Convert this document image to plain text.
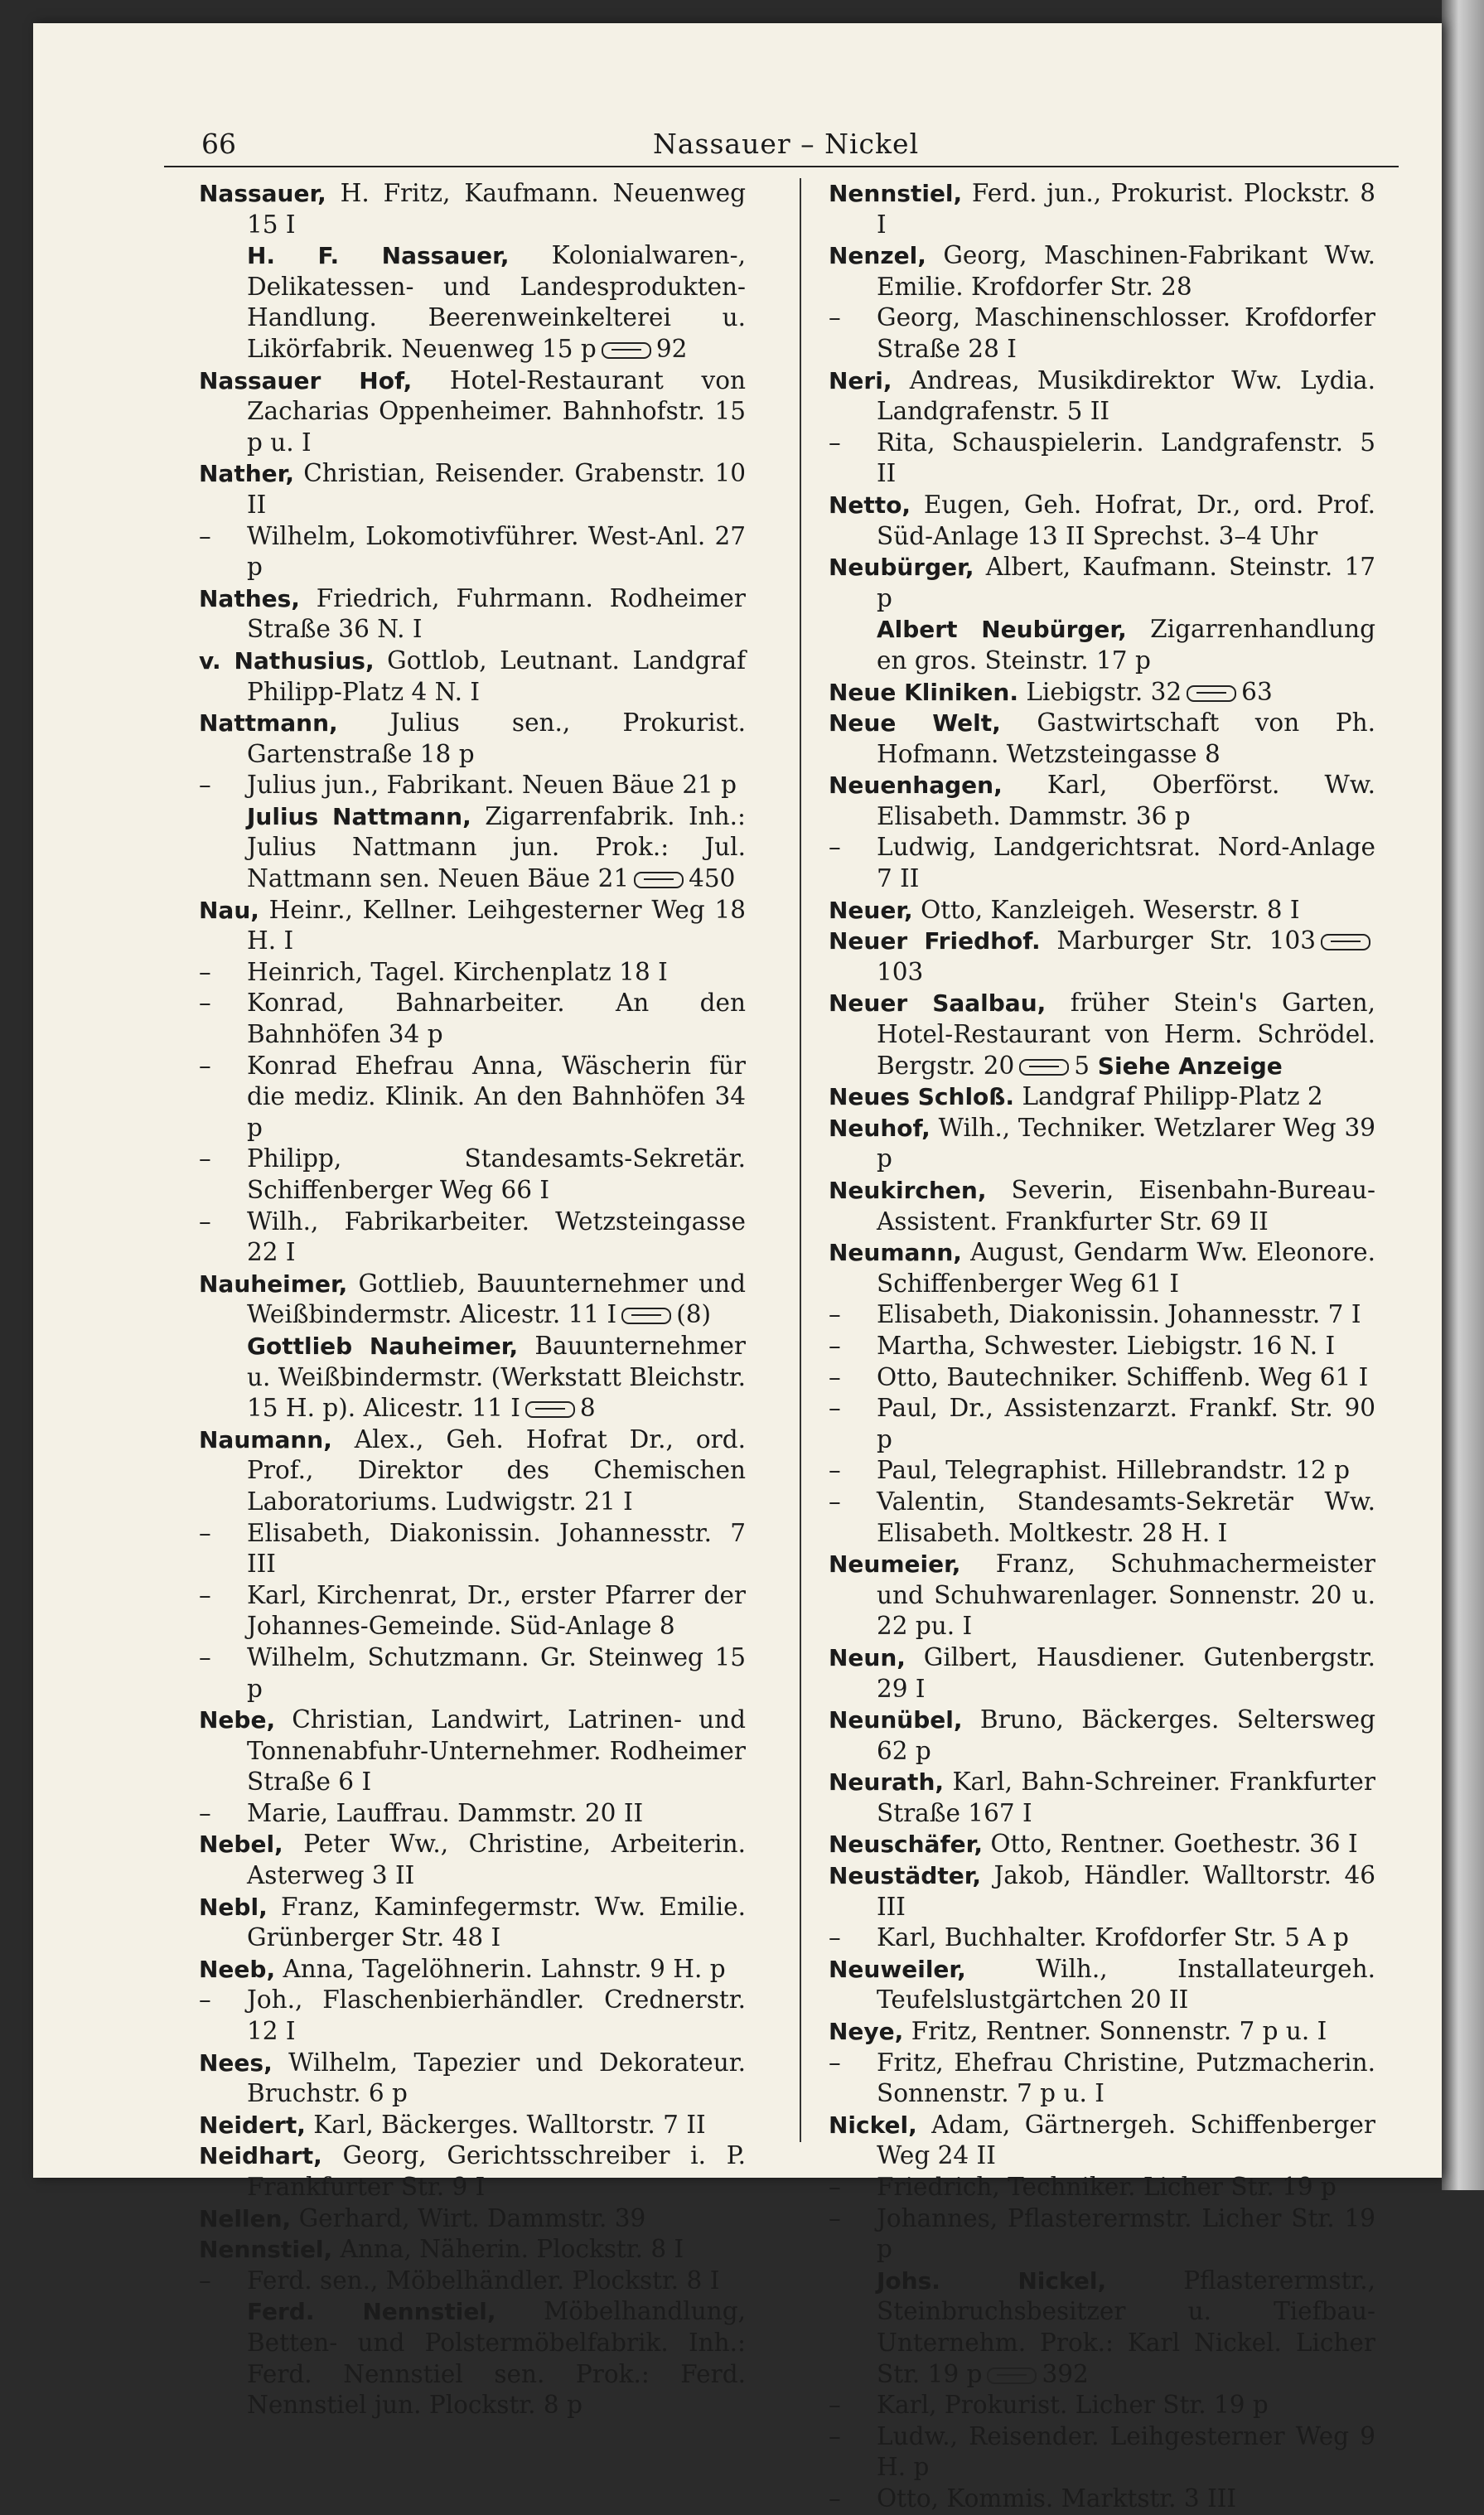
66	Nassauer – Nickel

Nassauer, H. Fritz, Kaufmann. Neuenweg 15 I

H. F. Nassauer, Kolonialwaren-, Delikatessen- und Landesprodukten-Handlung. Beerenweinkelterei u. Likörfabrik. Neuenweg 15 p 92

Nassauer Hof, Hotel-Restaurant von Zacharias Oppenheimer. Bahnhofstr. 15 p u. I

Nather, Christian, Reisender. Grabenstr. 10 II

– Wilhelm, Lokomotivführer. West-Anl. 27 p

Nathes, Friedrich, Fuhrmann. Rodheimer Straße 36 N. I

v. Nathusius, Gottlob, Leutnant. Landgraf Philipp-Platz 4 N. I

Nattmann, Julius sen., Prokurist. Gartenstraße 18 p

– Julius jun., Fabrikant. Neuen Bäue 21 p

Julius Nattmann, Zigarrenfabrik. Inh.: Julius Nattmann jun. Prok.: Jul. Nattmann sen. Neuen Bäue 21 450

Nau, Heinr., Kellner. Leihgesterner Weg 18 H. I

– Heinrich, Tagel. Kirchenplatz 18 I

– Konrad, Bahnarbeiter. An den Bahnhöfen 34 p

– Konrad Ehefrau Anna, Wäscherin für die mediz. Klinik. An den Bahnhöfen 34 p

– Philipp, Standesamts-Sekretär. Schiffenberger Weg 66 I

– Wilh., Fabrikarbeiter. Wetzsteingasse 22 I

Nauheimer, Gottlieb, Bauunternehmer und Weißbindermstr. Alicestr. 11 I (8)

Gottlieb Nauheimer, Bauunternehmer u. Weißbindermstr. (Werkstatt Bleichstr. 15 H. p). Alicestr. 11 I 8

Naumann, Alex., Geh. Hofrat Dr., ord. Prof., Direktor des Chemischen Laboratoriums. Ludwigstr. 21 I

– Elisabeth, Diakonissin. Johannesstr. 7 III

– Karl, Kirchenrat, Dr., erster Pfarrer der Johannes-Gemeinde. Süd-Anlage 8

– Wilhelm, Schutzmann. Gr. Steinweg 15 p

Nebe, Christian, Landwirt, Latrinen- und Tonnenabfuhr-Unternehmer. Rodheimer Straße 6 I

– Marie, Lauffrau. Dammstr. 20 II

Nebel, Peter Ww., Christine, Arbeiterin. Asterweg 3 II

Nebl, Franz, Kaminfegermstr. Ww. Emilie. Grünberger Str. 48 I

Neeb, Anna, Tagelöhnerin. Lahnstr. 9 H. p

– Joh., Flaschenbierhändler. Crednerstr. 12 I

Nees, Wilhelm, Tapezier und Dekorateur. Bruchstr. 6 p

Neidert, Karl, Bäckerges. Walltorstr. 7 II

Neidhart, Georg, Gerichtsschreiber i. P. Frankfurter Str. 9 I

Nellen, Gerhard, Wirt. Dammstr. 39

Nennstiel, Anna, Näherin. Plockstr. 8 I

– Ferd. sen., Möbelhändler. Plockstr. 8 I

Ferd. Nennstiel, Möbelhandlung, Betten- und Polstermöbelfabrik. Inh.: Ferd. Nennstiel sen. Prok.: Ferd. Nennstiel jun. Plockstr. 8 p

Nennstiel, Ferd. jun., Prokurist. Plockstr. 8 I

Nenzel, Georg, Maschinen-Fabrikant Ww. Emilie. Krofdorfer Str. 28

– Georg, Maschinenschlosser. Krofdorfer Straße 28 I

Neri, Andreas, Musikdirektor Ww. Lydia. Landgrafenstr. 5 II

– Rita, Schauspielerin. Landgrafenstr. 5 II

Netto, Eugen, Geh. Hofrat, Dr., ord. Prof. Süd-Anlage 13 II Sprechst. 3–4 Uhr

Neubürger, Albert, Kaufmann. Steinstr. 17 p

Albert Neubürger, Zigarrenhandlung en gros. Steinstr. 17 p

Neue Kliniken. Liebigstr. 32 63

Neue Welt, Gastwirtschaft von Ph. Hofmann. Wetzsteingasse 8

Neuenhagen, Karl, Oberförst. Ww. Elisabeth. Dammstr. 36 p

– Ludwig, Landgerichtsrat. Nord-Anlage 7 II

Neuer, Otto, Kanzleigeh. Weserstr. 8 I

Neuer Friedhof. Marburger Str. 103103

Neuer Saalbau, früher Stein's Garten, Hotel-Restaurant von Herm. Schrödel. Bergstr. 20 5 Siehe Anzeige

Neues Schloß. Landgraf Philipp-Platz 2

Neuhof, Wilh., Techniker. Wetzlarer Weg 39 p

Neukirchen, Severin, Eisenbahn-Bureau-Assistent. Frankfurter Str. 69 II

Neumann, August, Gendarm Ww. Eleonore. Schiffenberger Weg 61 I

– Elisabeth, Diakonissin. Johannesstr. 7 I

– Martha, Schwester. Liebigstr. 16 N. I

– Otto, Bautechniker. Schiffenb. Weg 61 I

– Paul, Dr., Assistenzarzt. Frankf. Str. 90 p

– Paul, Telegraphist. Hillebrandstr. 12 p

– Valentin, Standesamts-Sekretär Ww. Elisabeth. Moltkestr. 28 H. I

Neumeier, Franz, Schuhmachermeister und Schuhwarenlager. Sonnenstr. 20 u. 22 pu. I

Neun, Gilbert, Hausdiener. Gutenbergstr. 29 I

Neunübel, Bruno, Bäckerges. Seltersweg 62 p

Neurath, Karl, Bahn-Schreiner. Frankfurter Straße 167 I

Neuschäfer, Otto, Rentner. Goethestr. 36 I

Neustädter, Jakob, Händler. Walltorstr. 46 III

– Karl, Buchhalter. Krofdorfer Str. 5 A p

Neuweiler, Wilh., Installateurgeh. Teufelslustgärtchen 20 II

Neye, Fritz, Rentner. Sonnenstr. 7 p u. I

– Fritz, Ehefrau Christine, Putzmacherin. Sonnenstr. 7 p u. I

Nickel, Adam, Gärtnergeh. Schiffenberger Weg 24 II

– Friedrich, Techniker. Licher Str. 19 p

– Johannes, Pflasterermstr. Licher Str. 19 p

Johs. Nickel, Pflasterermstr., Steinbruchsbesitzer u. Tiefbau-Unternehm. Prok.: Karl Nickel. Licher Str. 19 p 392

– Karl, Prokurist. Licher Str. 19 p

– Ludw., Reisender. Leihgesterner Weg 9 H. p

– Otto, Kommis. Marktstr. 3 III
